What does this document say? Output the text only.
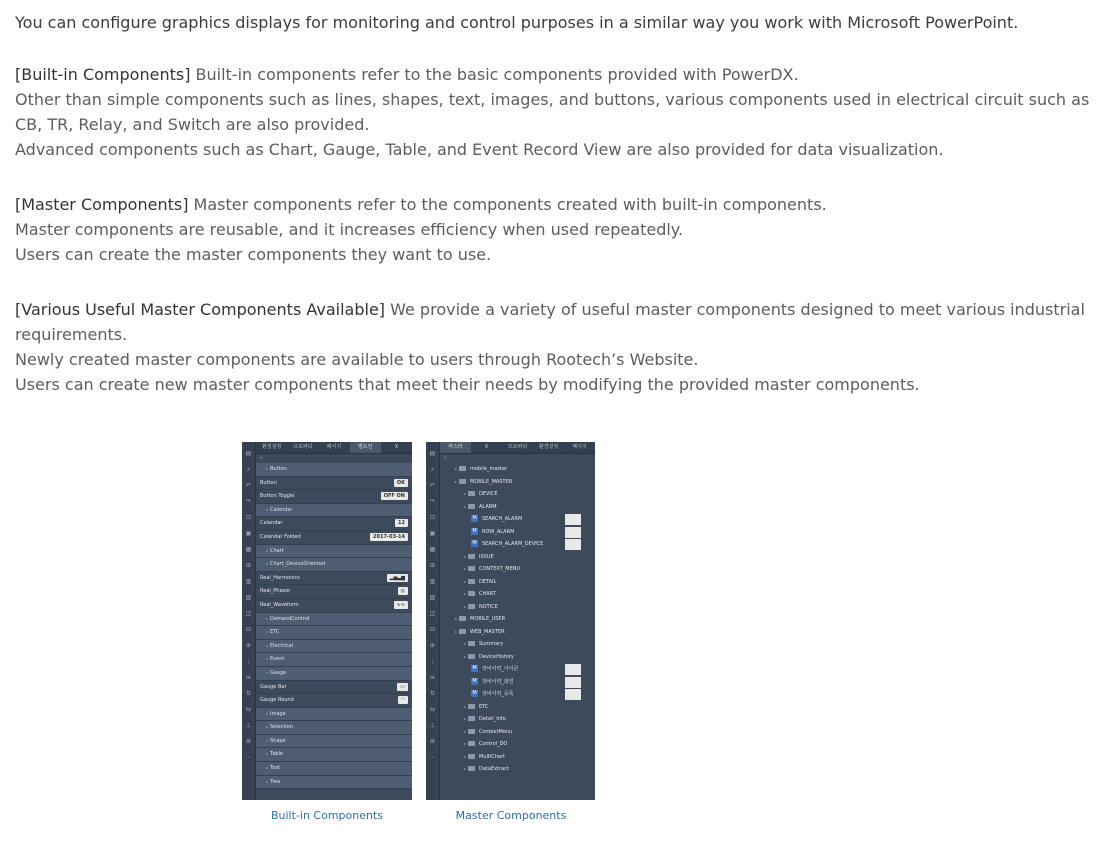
You can configure graphics displays for monitoring and control purposes in a similar way you work with Microsoft PowerPoint.

[Built-in Components] Built-in components refer to the basic components provided with PowerDX.
Other than simple components such as lines, shapes, text, images, and buttons, various components used in electrical circuit such as CB, TR, Relay, and Switch are also provided.
Advanced components such as Chart, Gauge, Table, and Event Record View are also provided for data visualization.

[Master Components] Master components refer to the components created with built-in components.
Master components are reusable, and it increases efficiency when used repeatedly.
Users can create the master components they want to use.

[Various Useful Master Components Available] We provide a variety of useful master components designed to meet various industrial requirements.
Newly created master components are available to users through Rootech’s Website.
Users can create new master components that meet their needs by modifying the provided master components.

▤
⌕
↶
↷
⊡
▣
▦
⊞
▥
▧
◫
⊟
⊕
⋮
≡
⇅
⇆
⊥
≣
⋯
환경설정	프로퍼티	페이지	빌트인	X
⌕
▸ Button
Button	OK
Button Toggle	OFF ON
▸ Calendar
Calendar	12
Calendar Folded	2017-03-14
▸ Chart
▸ Chart_DeviceOriented
Real_Harmonics	▂▅▃▆
Real_Phasor	◎
Real_Waveform	∿∿
▸ DemandControl
▸ ETC
▸ Electrical
▸ Event
▸ Gauge
Gauge Bar	▭
Gauge Round	◠
▸ Image
▸ Selection
▸ Shape
▸ Table
▸ Text
▸ Tree
▤
⌕
↶
↷
⊡
▣
▦
⊞
▥
▧
◫
⊟
⊕
⋮
≡
⇅
⇆
⊥
≣
⋯
마스터	X	프로퍼티	환경설정	페이지
⌕
▸	mobile_master
▸	MOBILE_MASTER
▸	DEVICE
▸	ALARM
M SEARCH_ALARM
M ROW_ALARM
M SEARCH_ALARM_DEVICE
▸	ISSUE
▸	CONTEXT_MENU
▸	DETAIL
▸	CHART
▸	NOTICE
▸	MOBILE_USER
▸	WEB_MASTER
▸	Summary
▸	DeviceHistory
M 장비이력_아이콘
M 장비이력_화면
M 장비이력_등록
▸	ETC
▸	Detail_Info
▸	ContextMenu
▸	Control_DO
▸	MultiChart
▸	DataExtract
Built-in Components	Master Components
